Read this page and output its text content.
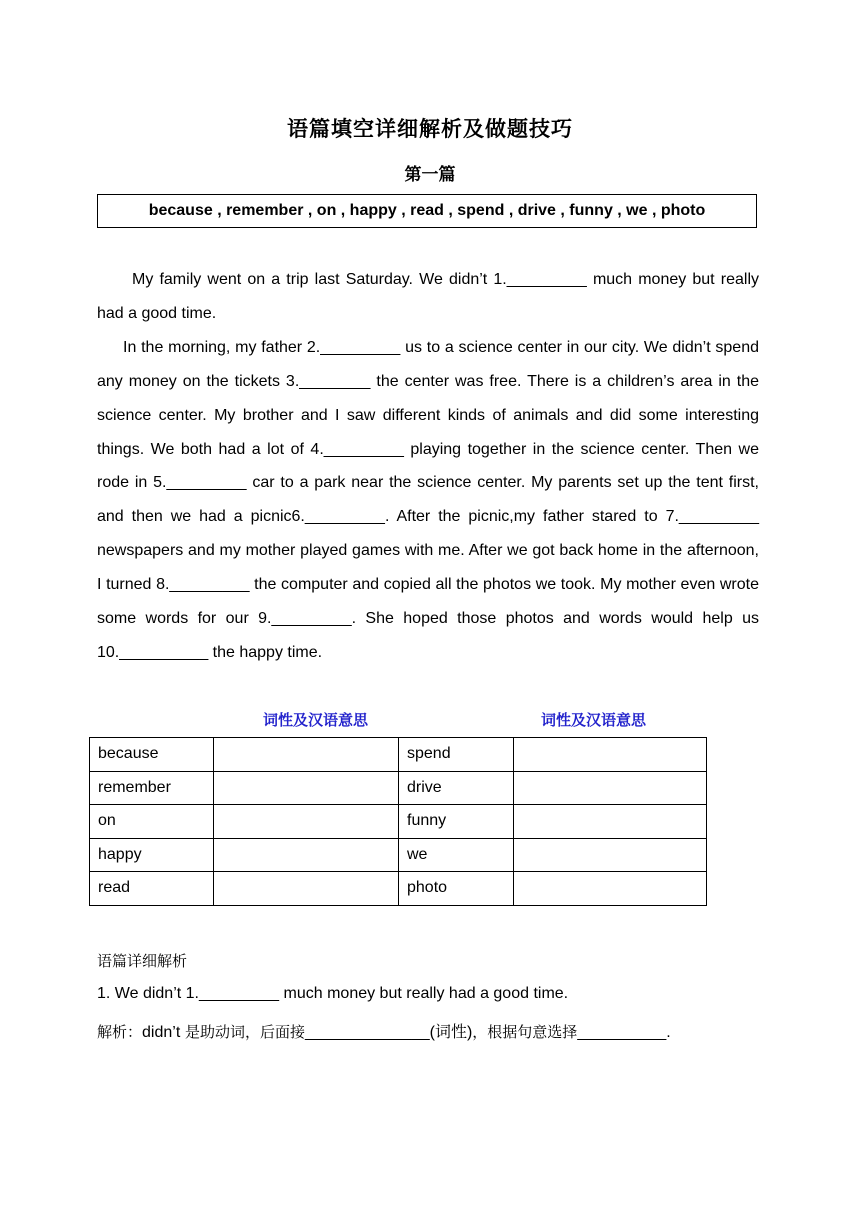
语篇填空详细解析及做题技巧
第一篇
because , remember , on , happy , read , spend , drive , funny , we , photo

My family went on a trip last Saturday. We didn’t 1._________ much money but really had a good time.

In the morning, my father 2._________ us to a science center in our city. We didn’t spend any money on the tickets 3.________ the center was free. There is a children’s area in the science center. My brother and I saw different kinds of animals and did some interesting things. We both had a lot of 4._________ playing together in the science center. Then we rode in 5._________ car to a park near the science center. My parents set up the tent first, and then we had a picnic6._________. After the picnic,my father stared to 7._________ newspapers and my mother played games with me. After we got back home in the afternoon, I turned 8._________ the computer and copied all the photos we took. My mother even wrote some words for our 9._________. She hoped those photos and words would help us 10.__________ the happy time.

词性及汉语意思	词性及汉语意思
because		spend	
remember		drive	
on		funny	
happy		we	
read		photo	
语篇详细解析
1. We didn’t 1._________ much money but really had a good time.
解析：didn’t 是助动词，后面接______________(词性)，根据句意选择__________.
